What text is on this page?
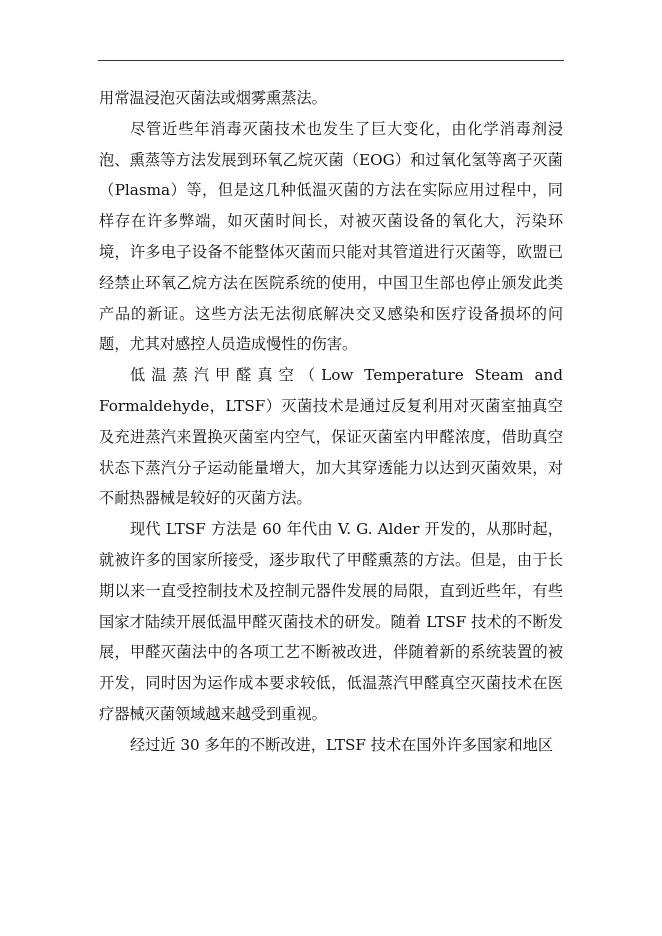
用常温浸泡灭菌法或烟雾熏蒸法。

尽管近些年消毒灭菌技术也发生了巨大变化，由化学消毒剂浸泡、熏蒸等方法发展到环氧乙烷灭菌（EOG）和过氧化氢等离子灭菌（Plasma）等，但是这几种低温灭菌的方法在实际应用过程中，同样存在许多弊端，如灭菌时间长，对被灭菌设备的氧化大，污染环境，许多电子设备不能整体灭菌而只能对其管道进行灭菌等，欧盟已经禁止环氧乙烷方法在医院系统的使用，中国卫生部也停止颁发此类产品的新证。这些方法无法彻底解决交叉感染和医疗设备损坏的问题，尤其对感控人员造成慢性的伤害。

低温蒸汽甲醛真空（Low Temperature Steam and Formaldehyde，LTSF）灭菌技术是通过反复利用对灭菌室抽真空及充进蒸汽来置换灭菌室内空气，保证灭菌室内甲醛浓度，借助真空状态下蒸汽分子运动能量增大，加大其穿透能力以达到灭菌效果，对不耐热器械是较好的灭菌方法。

现代 LTSF 方法是 60 年代由 V. G. Alder 开发的，从那时起，就被许多的国家所接受，逐步取代了甲醛熏蒸的方法。但是，由于长期以来一直受控制技术及控制元器件发展的局限，直到近些年，有些国家才陆续开展低温甲醛灭菌技术的研发。随着 LTSF 技术的不断发展，甲醛灭菌法中的各项工艺不断被改进，伴随着新的系统装置的被开发，同时因为运作成本要求较低，低温蒸汽甲醛真空灭菌技术在医疗器械灭菌领域越来越受到重视。

经过近 30 多年的不断改进，LTSF 技术在国外许多国家和地区
